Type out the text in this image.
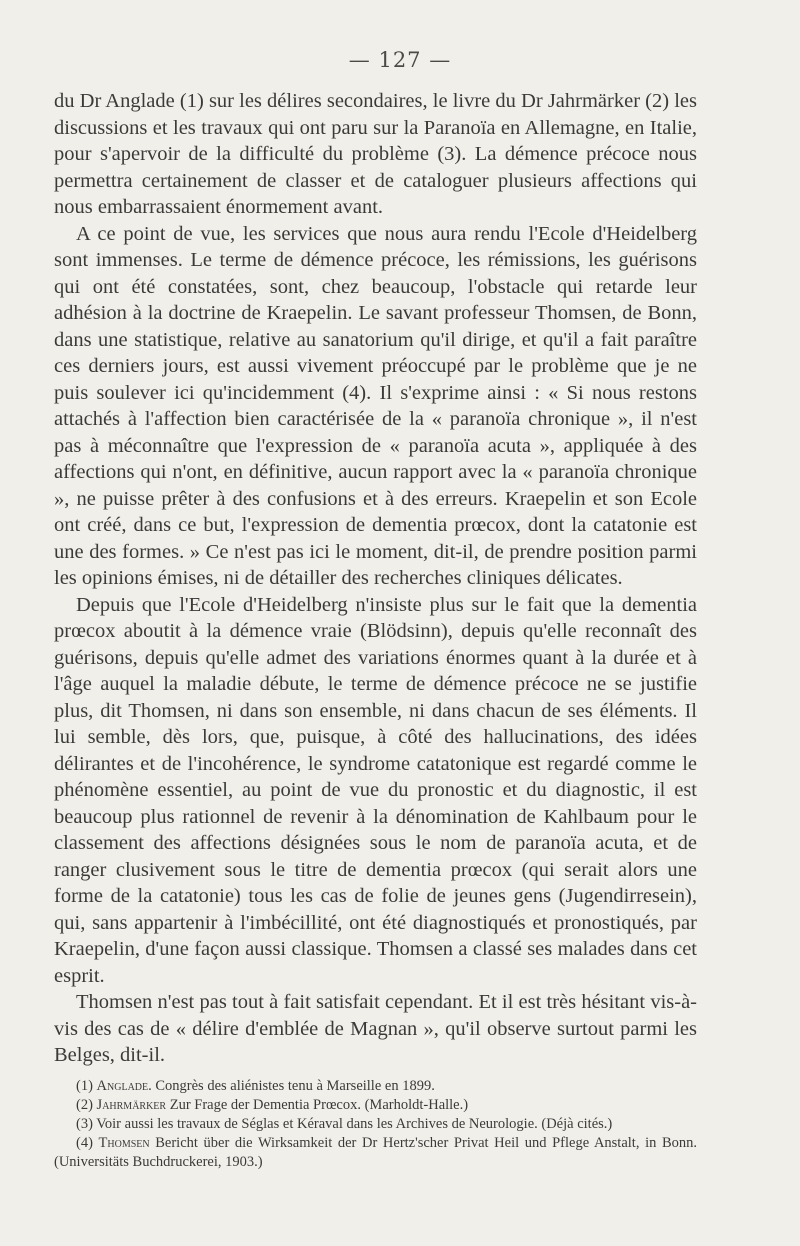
— 127 —

du Dr Anglade (1) sur les délires secondaires, le livre du Dr Jahrmärker (2) les discussions et les travaux qui ont paru sur la Paranoïa en Allemagne, en Italie, pour s'apervoir de la difficulté du problème (3). La démence précoce nous permettra certainement de classer et de cataloguer plusieurs affections qui nous embarrassaient énormement avant.

A ce point de vue, les services que nous aura rendu l'Ecole d'Heidelberg sont immenses. Le terme de démence précoce, les rémissions, les guérisons qui ont été constatées, sont, chez beaucoup, l'obstacle qui retarde leur adhésion à la doctrine de Kraepelin. Le savant professeur Thomsen, de Bonn, dans une statistique, relative au sanatorium qu'il dirige, et qu'il a fait paraître ces derniers jours, est aussi vivement préoccupé par le problème que je ne puis soulever ici qu'incidemment (4). Il s'exprime ainsi : « Si nous restons attachés à l'affection bien caractérisée de la « paranoïa chronique », il n'est pas à méconnaître que l'expression de « paranoïa acuta », appliquée à des affections qui n'ont, en définitive, aucun rapport avec la « paranoïa chronique », ne puisse prêter à des confusions et à des erreurs. Kraepelin et son Ecole ont créé, dans ce but, l'expression de dementia prœcox, dont la catatonie est une des formes. » Ce n'est pas ici le moment, dit-il, de prendre position parmi les opinions émises, ni de détailler des recherches cliniques délicates.

Depuis que l'Ecole d'Heidelberg n'insiste plus sur le fait que la dementia prœcox aboutit à la démence vraie (Blödsinn), depuis qu'elle reconnaît des guérisons, depuis qu'elle admet des variations énormes quant à la durée et à l'âge auquel la maladie débute, le terme de démence précoce ne se justifie plus, dit Thomsen, ni dans son ensemble, ni dans chacun de ses éléments. Il lui semble, dès lors, que, puisque, à côté des hallucinations, des idées délirantes et de l'incohérence, le syndrome catatonique est regardé comme le phénomène essentiel, au point de vue du pronostic et du diagnostic, il est beaucoup plus rationnel de revenir à la dénomination de Kahlbaum pour le classement des affections désignées sous le nom de paranoïa acuta, et de ranger clusivement sous le titre de dementia prœcox (qui serait alors une forme de la catatonie) tous les cas de folie de jeunes gens (Jugendirresein), qui, sans appartenir à l'imbécillité, ont été diagnostiqués et pronostiqués, par Kraepelin, d'une façon aussi classique. Thomsen a classé ses malades dans cet esprit.

Thomsen n'est pas tout à fait satisfait cependant. Et il est très hésitant vis-à-vis des cas de « délire d'emblée de Magnan », qu'il observe surtout parmi les Belges, dit-il.

(1) Anglade. Congrès des aliénistes tenu à Marseille en 1899.

(2) Jahrmärker Zur Frage der Dementia Prœcox. (Marholdt-Halle.)

(3) Voir aussi les travaux de Séglas et Kéraval dans les Archives de Neurologie. (Déjà cités.)

(4) Thomsen Bericht über die Wirksamkeit der Dr Hertz'scher Privat Heil und Pflege Anstalt, in Bonn. (Universitäts Buchdruckerei, 1903.)
